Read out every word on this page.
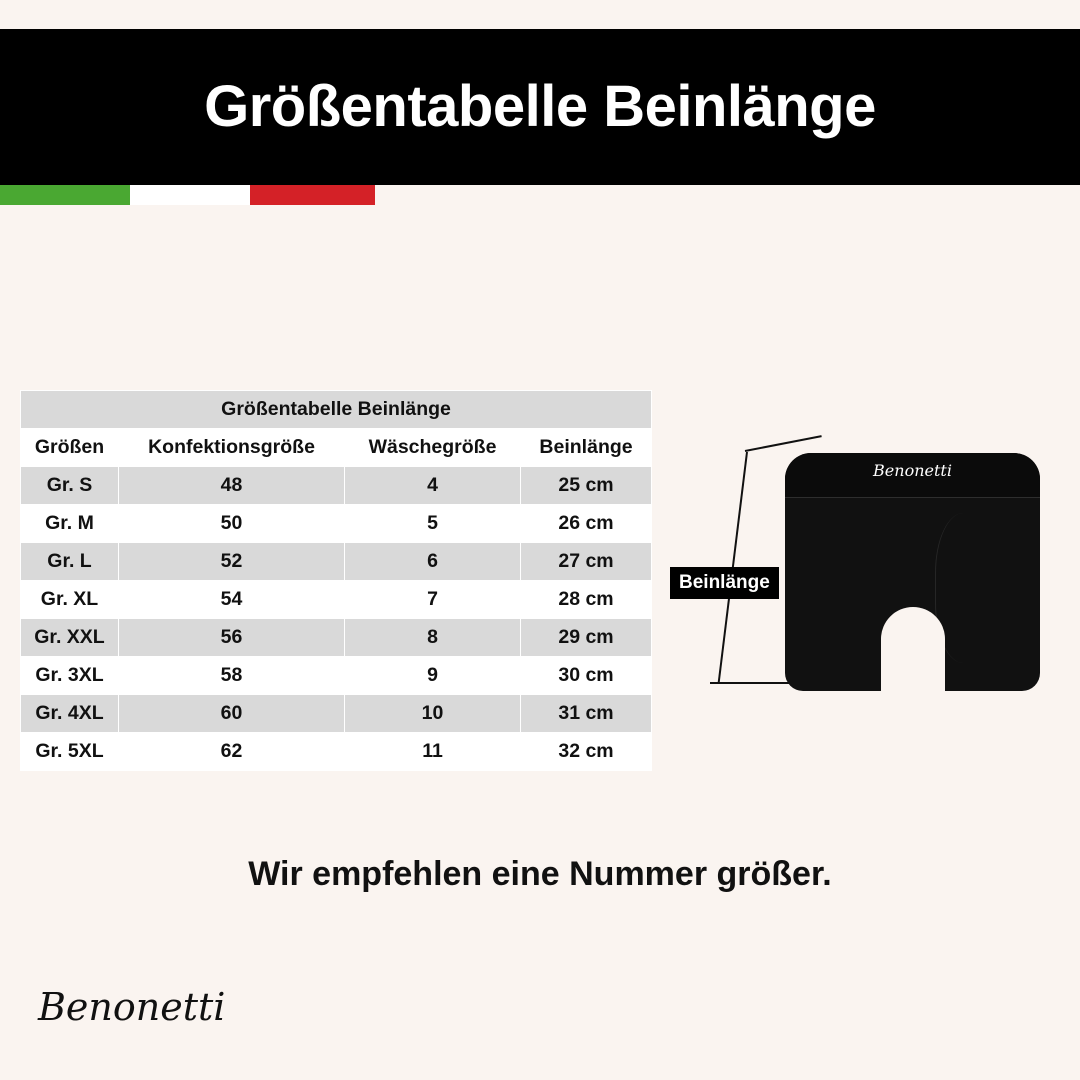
Größentabelle Beinlänge
Größentabelle Beinlänge			
Größen	Konfektionsgröße	Wäschegröße	Beinlänge
Gr. S	48	4	25 cm
Gr. M	50	5	26 cm
Gr. L	52	6	27 cm
Gr. XL	54	7	28 cm
Gr. XXL	56	8	29 cm
Gr. 3XL	58	9	30 cm
Gr. 4XL	60	10	31 cm
Gr. 5XL	62	11	32 cm
Beinlänge
Benonetti
Wir empfehlen eine Nummer größer.
Benonetti
